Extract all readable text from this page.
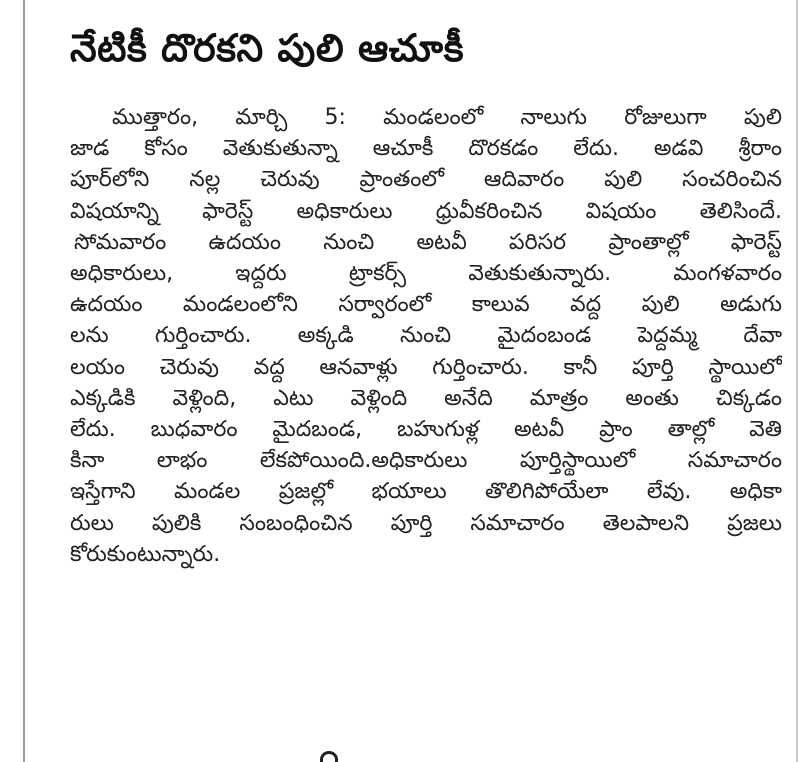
నేటికీ దొరకని పులి ఆచూకీ
ముత్తారం, మార్చి 5: మండలంలో నాలుగు రోజులుగా పులి
జాడ కోసం వెతుకుతున్నా ఆచూకీ దొరకడం లేదు. అడవి శ్రీరాం
పూర్‌లోని నల్ల చెరువు ప్రాంతంలో ఆదివారం పులి సంచరించిన
విషయాన్ని ఫారెస్ట్ అధికారులు ధ్రువీకరించిన విషయం తెలిసిందే.
సోమవారం ఉదయం నుంచి అటవీ పరిసర ప్రాంతాల్లో ఫారెస్ట్
అధికారులు, ఇద్దరు ట్రాకర్స్ వెతుకుతున్నారు. మంగళవారం
ఉదయం మండలంలోని సర్వారంలో కాలువ వద్ద పులి అడుగు
లను గుర్తించారు. అక్కడి నుంచి మైదంబండ పెద్దమ్మ దేవా
లయం చెరువు వద్ద ఆనవాళ్లు గుర్తించారు. కానీ పూర్తి స్థాయిలో
ఎక్కడికి వెళ్లింది, ఎటు వెళ్లింది అనేది మాత్రం అంతు చిక్కడం
లేదు. బుధవారం మైదబండ, బహుగుళ్ల అటవీ ప్రాం తాల్లో వెతి
కినా లాభం లేకపోయింది.అధికారులు పూర్తిస్థాయిలో సమాచారం
ఇస్తేగాని మండల ప్రజల్లో భయాలు తొలిగిపోయేలా లేవు. అధికా
రులు పులికి సంబంధించిన పూర్తి సమాచారం తెలపాలని ప్రజలు
కోరుకుంటున్నారు.
